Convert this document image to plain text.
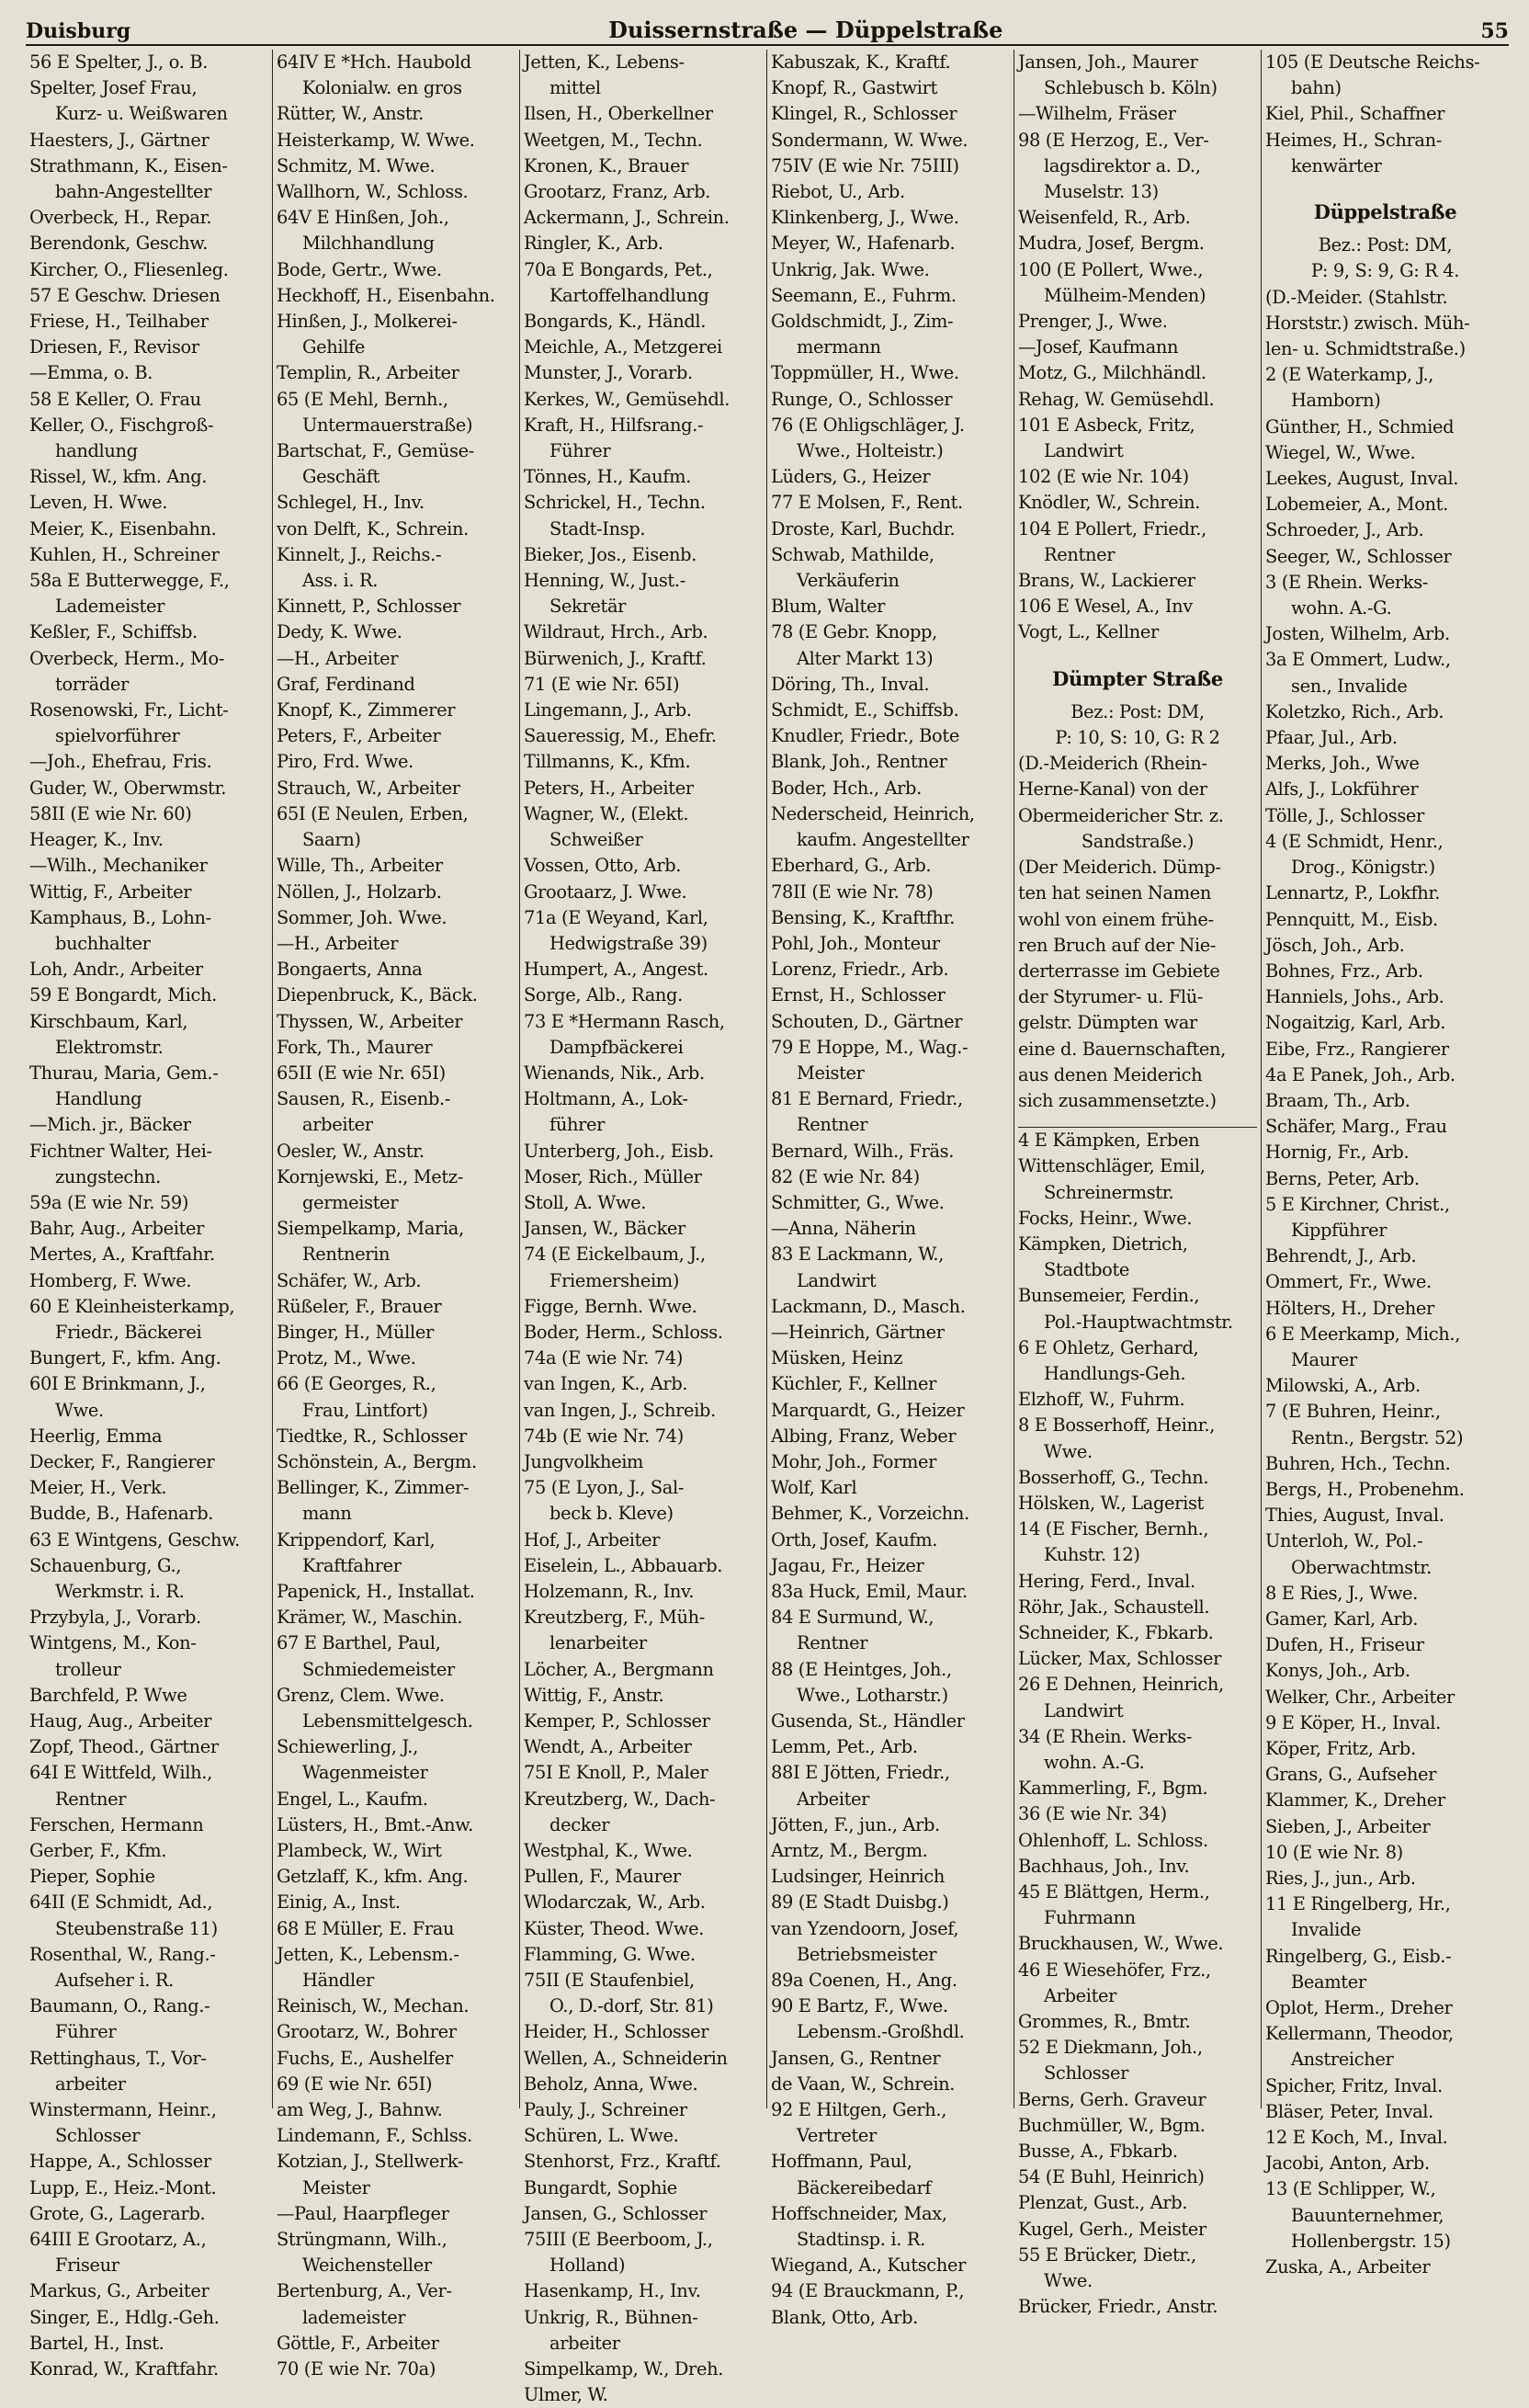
Duisburg	Duissernstraße — Düppelstraße	55
56 E Spelter, J., o. B.
Spelter, Josef Frau,
Kurz- u. Weißwaren
Haesters, J., Gärtner
Strathmann, K., Eisen-
bahn-Angestellter
Overbeck, H., Repar.
Berendonk, Geschw.
Kircher, O., Fliesenleg.
57 E Geschw. Driesen
Friese, H., Teilhaber
Driesen, F., Revisor
—Emma, o. B.
58 E Keller, O. Frau
Keller, O., Fischgroß-
handlung
Rissel, W., kfm. Ang.
Leven, H. Wwe.
Meier, K., Eisenbahn.
Kuhlen, H., Schreiner
58a E Butterwegge, F.,
Lademeister
Keßler, F., Schiffsb.
Overbeck, Herm., Mo-
torräder
Rosenowski, Fr., Licht-
spielvorführer
—Joh., Ehefrau, Fris.
Guder, W., Oberwmstr.
58II (E wie Nr. 60)
Heager, K., Inv.
—Wilh., Mechaniker
Wittig, F., Arbeiter
Kamphaus, B., Lohn-
buchhalter
Loh, Andr., Arbeiter
59 E Bongardt, Mich.
Kirschbaum, Karl,
Elektromstr.
Thurau, Maria, Gem.-
Handlung
—Mich. jr., Bäcker
Fichtner Walter, Hei-
zungstechn.
59a (E wie Nr. 59)
Bahr, Aug., Arbeiter
Mertes, A., Kraftfahr.
Homberg, F. Wwe.
60 E Kleinheisterkamp,
Friedr., Bäckerei
Bungert, F., kfm. Ang.
60I E Brinkmann, J.,
Wwe.
Heerlig, Emma
Decker, F., Rangierer
Meier, H., Verk.
Budde, B., Hafenarb.
63 E Wintgens, Geschw.
Schauenburg, G.,
Werkmstr. i. R.
Przybyla, J., Vorarb.
Wintgens, M., Kon-
trolleur
Barchfeld, P. Wwe
Haug, Aug., Arbeiter
Zopf, Theod., Gärtner
64I E Wittfeld, Wilh.,
Rentner
Ferschen, Hermann
Gerber, F., Kfm.
Pieper, Sophie
64II (E Schmidt, Ad.,
Steubenstraße 11)
Rosenthal, W., Rang.-
Aufseher i. R.
Baumann, O., Rang.-
Führer
Rettinghaus, T., Vor-
arbeiter
Winstermann, Heinr.,
Schlosser
Happe, A., Schlosser
Lupp, E., Heiz.-Mont.
Grote, G., Lagerarb.
64III E Grootarz, A.,
Friseur
Markus, G., Arbeiter
Singer, E., Hdlg.-Geh.
Bartel, H., Inst.
Konrad, W., Kraftfahr.
64IV E *Hch. Haubold
Kolonialw. en gros
Rütter, W., Anstr.
Heisterkamp, W. Wwe.
Schmitz, M. Wwe.
Wallhorn, W., Schloss.
64V E Hinßen, Joh.,
Milchhandlung
Bode, Gertr., Wwe.
Heckhoff, H., Eisenbahn.
Hinßen, J., Molkerei-
Gehilfe
Templin, R., Arbeiter
65 (E Mehl, Bernh.,
Untermauerstraße)
Bartschat, F., Gemüse-
Geschäft
Schlegel, H., Inv.
von Delft, K., Schrein.
Kinnelt, J., Reichs.-
Ass. i. R.
Kinnett, P., Schlosser
Dedy, K. Wwe.
—H., Arbeiter
Graf, Ferdinand
Knopf, K., Zimmerer
Peters, F., Arbeiter
Piro, Frd. Wwe.
Strauch, W., Arbeiter
65I (E Neulen, Erben,
Saarn)
Wille, Th., Arbeiter
Nöllen, J., Holzarb.
Sommer, Joh. Wwe.
—H., Arbeiter
Bongaerts, Anna
Diepenbruck, K., Bäck.
Thyssen, W., Arbeiter
Fork, Th., Maurer
65II (E wie Nr. 65I)
Sausen, R., Eisenb.-
arbeiter
Oesler, W., Anstr.
Kornjewski, E., Metz-
germeister
Siempelkamp, Maria,
Rentnerin
Schäfer, W., Arb.
Rüßeler, F., Brauer
Binger, H., Müller
Protz, M., Wwe.
66 (E Georges, R.,
Frau, Lintfort)
Tiedtke, R., Schlosser
Schönstein, A., Bergm.
Bellinger, K., Zimmer-
mann
Krippendorf, Karl,
Kraftfahrer
Papenick, H., Installat.
Krämer, W., Maschin.
67 E Barthel, Paul,
Schmiedemeister
Grenz, Clem. Wwe.
Lebensmittelgesch.
Schiewerling, J.,
Wagenmeister
Engel, L., Kaufm.
Lüsters, H., Bmt.-Anw.
Plambeck, W., Wirt
Getzlaff, K., kfm. Ang.
Einig, A., Inst.
68 E Müller, E. Frau
Jetten, K., Lebensm.-
Händler
Reinisch, W., Mechan.
Grootarz, W., Bohrer
Fuchs, E., Aushelfer
69 (E wie Nr. 65I)
am Weg, J., Bahnw.
Lindemann, F., Schlss.
Kotzian, J., Stellwerk-
Meister
—Paul, Haarpfleger
Strüngmann, Wilh.,
Weichensteller
Bertenburg, A., Ver-
lademeister
Göttle, F., Arbeiter
70 (E wie Nr. 70a)
Jetten, K., Lebens-
mittel
Ilsen, H., Oberkellner
Weetgen, M., Techn.
Kronen, K., Brauer
Grootarz, Franz, Arb.
Ackermann, J., Schrein.
Ringler, K., Arb.
70a E Bongards, Pet.,
Kartoffelhandlung
Bongards, K., Händl.
Meichle, A., Metzgerei
Munster, J., Vorarb.
Kerkes, W., Gemüsehdl.
Kraft, H., Hilfsrang.-
Führer
Tönnes, H., Kaufm.
Schrickel, H., Techn.
Stadt-Insp.
Bieker, Jos., Eisenb.
Henning, W., Just.-
Sekretär
Wildraut, Hrch., Arb.
Bürwenich, J., Kraftf.
71 (E wie Nr. 65I)
Lingemann, J., Arb.
Saueressig, M., Ehefr.
Tillmanns, K., Kfm.
Peters, H., Arbeiter
Wagner, W., (Elekt.
Schweißer
Vossen, Otto, Arb.
Grootaarz, J. Wwe.
71a (E Weyand, Karl,
Hedwigstraße 39)
Humpert, A., Angest.
Sorge, Alb., Rang.
73 E *Hermann Rasch,
Dampfbäckerei
Wienands, Nik., Arb.
Holtmann, A., Lok-
führer
Unterberg, Joh., Eisb.
Moser, Rich., Müller
Stoll, A. Wwe.
Jansen, W., Bäcker
74 (E Eickelbaum, J.,
Friemersheim)
Figge, Bernh. Wwe.
Boder, Herm., Schloss.
74a (E wie Nr. 74)
van Ingen, K., Arb.
van Ingen, J., Schreib.
74b (E wie Nr. 74)
Jungvolkheim
75 (E Lyon, J., Sal-
beck b. Kleve)
Hof, J., Arbeiter
Eiselein, L., Abbauarb.
Holzemann, R., Inv.
Kreutzberg, F., Müh-
lenarbeiter
Löcher, A., Bergmann
Wittig, F., Anstr.
Kemper, P., Schlosser
Wendt, A., Arbeiter
75I E Knoll, P., Maler
Kreutzberg, W., Dach-
decker
Westphal, K., Wwe.
Pullen, F., Maurer
Wlodarczak, W., Arb.
Küster, Theod. Wwe.
Flamming, G. Wwe.
75II (E Staufenbiel,
O., D.-dorf, Str. 81)
Heider, H., Schlosser
Wellen, A., Schneiderin
Beholz, Anna, Wwe.
Pauly, J., Schreiner
Schüren, L. Wwe.
Stenhorst, Frz., Kraftf.
Bungardt, Sophie
Jansen, G., Schlosser
75III (E Beerboom, J.,
Holland)
Hasenkamp, H., Inv.
Unkrig, R., Bühnen-
arbeiter
Simpelkamp, W., Dreh.
Ulmer, W.
Kabuszak, K., Kraftf.
Knopf, R., Gastwirt
Klingel, R., Schlosser
Sondermann, W. Wwe.
75IV (E wie Nr. 75III)
Riebot, U., Arb.
Klinkenberg, J., Wwe.
Meyer, W., Hafenarb.
Unkrig, Jak. Wwe.
Seemann, E., Fuhrm.
Goldschmidt, J., Zim-
mermann
Toppmüller, H., Wwe.
Runge, O., Schlosser
76 (E Ohligschläger, J.
Wwe., Holteistr.)
Lüders, G., Heizer
77 E Molsen, F., Rent.
Droste, Karl, Buchdr.
Schwab, Mathilde,
Verkäuferin
Blum, Walter
78 (E Gebr. Knopp,
Alter Markt 13)
Döring, Th., Inval.
Schmidt, E., Schiffsb.
Knudler, Friedr., Bote
Blank, Joh., Rentner
Boder, Hch., Arb.
Nederscheid, Heinrich,
kaufm. Angestellter
Eberhard, G., Arb.
78II (E wie Nr. 78)
Bensing, K., Kraftfhr.
Pohl, Joh., Monteur
Lorenz, Friedr., Arb.
Ernst, H., Schlosser
Schouten, D., Gärtner
79 E Hoppe, M., Wag.-
Meister
81 E Bernard, Friedr.,
Rentner
Bernard, Wilh., Fräs.
82 (E wie Nr. 84)
Schmitter, G., Wwe.
—Anna, Näherin
83 E Lackmann, W.,
Landwirt
Lackmann, D., Masch.
—Heinrich, Gärtner
Müsken, Heinz
Küchler, F., Kellner
Marquardt, G., Heizer
Albing, Franz, Weber
Mohr, Joh., Former
Wolf, Karl
Behmer, K., Vorzeichn.
Orth, Josef, Kaufm.
Jagau, Fr., Heizer
83a Huck, Emil, Maur.
84 E Surmund, W.,
Rentner
88 (E Heintges, Joh.,
Wwe., Lotharstr.)
Gusenda, St., Händler
Lemm, Pet., Arb.
88I E Jötten, Friedr.,
Arbeiter
Jötten, F., jun., Arb.
Arntz, M., Bergm.
Ludsinger, Heinrich
89 (E Stadt Duisbg.)
van Yzendoorn, Josef,
Betriebsmeister
89a Coenen, H., Ang.
90 E Bartz, F., Wwe.
Lebensm.-Großhdl.
Jansen, G., Rentner
de Vaan, W., Schrein.
92 E Hiltgen, Gerh.,
Vertreter
Hoffmann, Paul,
Bäckereibedarf
Hoffschneider, Max,
Stadtinsp. i. R.
Wiegand, A., Kutscher
94 (E Brauckmann, P.,
Blank, Otto, Arb.
Jansen, Joh., Maurer
Schlebusch b. Köln)
—Wilhelm, Fräser
98 (E Herzog, E., Ver-
lagsdirektor a. D.,
Muselstr. 13)
Weisenfeld, R., Arb.
Mudra, Josef, Bergm.
100 (E Pollert, Wwe.,
Mülheim-Menden)
Prenger, J., Wwe.
—Josef, Kaufmann
Motz, G., Milchhändl.
Rehag, W. Gemüsehdl.
101 E Asbeck, Fritz,
Landwirt
102 (E wie Nr. 104)
Knödler, W., Schrein.
104 E Pollert, Friedr.,
Rentner
Brans, W., Lackierer
106 E Wesel, A., Inv
Vogt, L., Kellner
Dümpter Straße
Bez.: Post: DM,
P: 10, S: 10, G: R 2
(D.-Meiderich (Rhein-
Herne-Kanal) von der
Obermeidericher Str. z.
Sandstraße.)
(Der Meiderich. Dümp-
ten hat seinen Namen
wohl von einem frühe-
ren Bruch auf der Nie-
derterrasse im Gebiete
der Styrumer- u. Flü-
gelstr. Dümpten war
eine d. Bauernschaften,
aus denen Meiderich
sich zusammensetzte.)
4 E Kämpken, Erben
Wittenschläger, Emil,
Schreinermstr.
Focks, Heinr., Wwe.
Kämpken, Dietrich,
Stadtbote
Bunsemeier, Ferdin.,
Pol.-Hauptwachtmstr.
6 E Ohletz, Gerhard,
Handlungs-Geh.
Elzhoff, W., Fuhrm.
8 E Bosserhoff, Heinr.,
Wwe.
Bosserhoff, G., Techn.
Hölsken, W., Lagerist
14 (E Fischer, Bernh.,
Kuhstr. 12)
Hering, Ferd., Inval.
Röhr, Jak., Schaustell.
Schneider, K., Fbkarb.
Lücker, Max, Schlosser
26 E Dehnen, Heinrich,
Landwirt
34 (E Rhein. Werks-
wohn. A.-G.
Kammerling, F., Bgm.
36 (E wie Nr. 34)
Ohlenhoff, L. Schloss.
Bachhaus, Joh., Inv.
45 E Blättgen, Herm.,
Fuhrmann
Bruckhausen, W., Wwe.
46 E Wiesehöfer, Frz.,
Arbeiter
Grommes, R., Bmtr.
52 E Diekmann, Joh.,
Schlosser
Berns, Gerh. Graveur
Buchmüller, W., Bgm.
Busse, A., Fbkarb.
54 (E Buhl, Heinrich)
Plenzat, Gust., Arb.
Kugel, Gerh., Meister
55 E Brücker, Dietr.,
Wwe.
Brücker, Friedr., Anstr.
105 (E Deutsche Reichs-
bahn)
Kiel, Phil., Schaffner
Heimes, H., Schran-
kenwärter
Düppelstraße
Bez.: Post: DM,
P: 9, S: 9, G: R 4.
(D.-Meider. (Stahlstr.
Horststr.) zwisch. Müh-
len- u. Schmidtstraße.)
2 (E Waterkamp, J.,
Hamborn)
Günther, H., Schmied
Wiegel, W., Wwe.
Leekes, August, Inval.
Lobemeier, A., Mont.
Schroeder, J., Arb.
Seeger, W., Schlosser
3 (E Rhein. Werks-
wohn. A.-G.
Josten, Wilhelm, Arb.
3a E Ommert, Ludw.,
sen., Invalide
Koletzko, Rich., Arb.
Pfaar, Jul., Arb.
Merks, Joh., Wwe
Alfs, J., Lokführer
Tölle, J., Schlosser
4 (E Schmidt, Henr.,
Drog., Königstr.)
Lennartz, P., Lokfhr.
Pennquitt, M., Eisb.
Jösch, Joh., Arb.
Bohnes, Frz., Arb.
Hanniels, Johs., Arb.
Nogaitzig, Karl, Arb.
Eibe, Frz., Rangierer
4a E Panek, Joh., Arb.
Braam, Th., Arb.
Schäfer, Marg., Frau
Hornig, Fr., Arb.
Berns, Peter, Arb.
5 E Kirchner, Christ.,
Kippführer
Behrendt, J., Arb.
Ommert, Fr., Wwe.
Hölters, H., Dreher
6 E Meerkamp, Mich.,
Maurer
Milowski, A., Arb.
7 (E Buhren, Heinr.,
Rentn., Bergstr. 52)
Buhren, Hch., Techn.
Bergs, H., Probenehm.
Thies, August, Inval.
Unterloh, W., Pol.-
Oberwachtmstr.
8 E Ries, J., Wwe.
Gamer, Karl, Arb.
Dufen, H., Friseur
Konys, Joh., Arb.
Welker, Chr., Arbeiter
9 E Köper, H., Inval.
Köper, Fritz, Arb.
Grans, G., Aufseher
Klammer, K., Dreher
Sieben, J., Arbeiter
10 (E wie Nr. 8)
Ries, J., jun., Arb.
11 E Ringelberg, Hr.,
Invalide
Ringelberg, G., Eisb.-
Beamter
Oplot, Herm., Dreher
Kellermann, Theodor,
Anstreicher
Spicher, Fritz, Inval.
Bläser, Peter, Inval.
12 E Koch, M., Inval.
Jacobi, Anton, Arb.
13 (E Schlipper, W.,
Bauunternehmer,
Hollenbergstr. 15)
Zuska, A., Arbeiter
